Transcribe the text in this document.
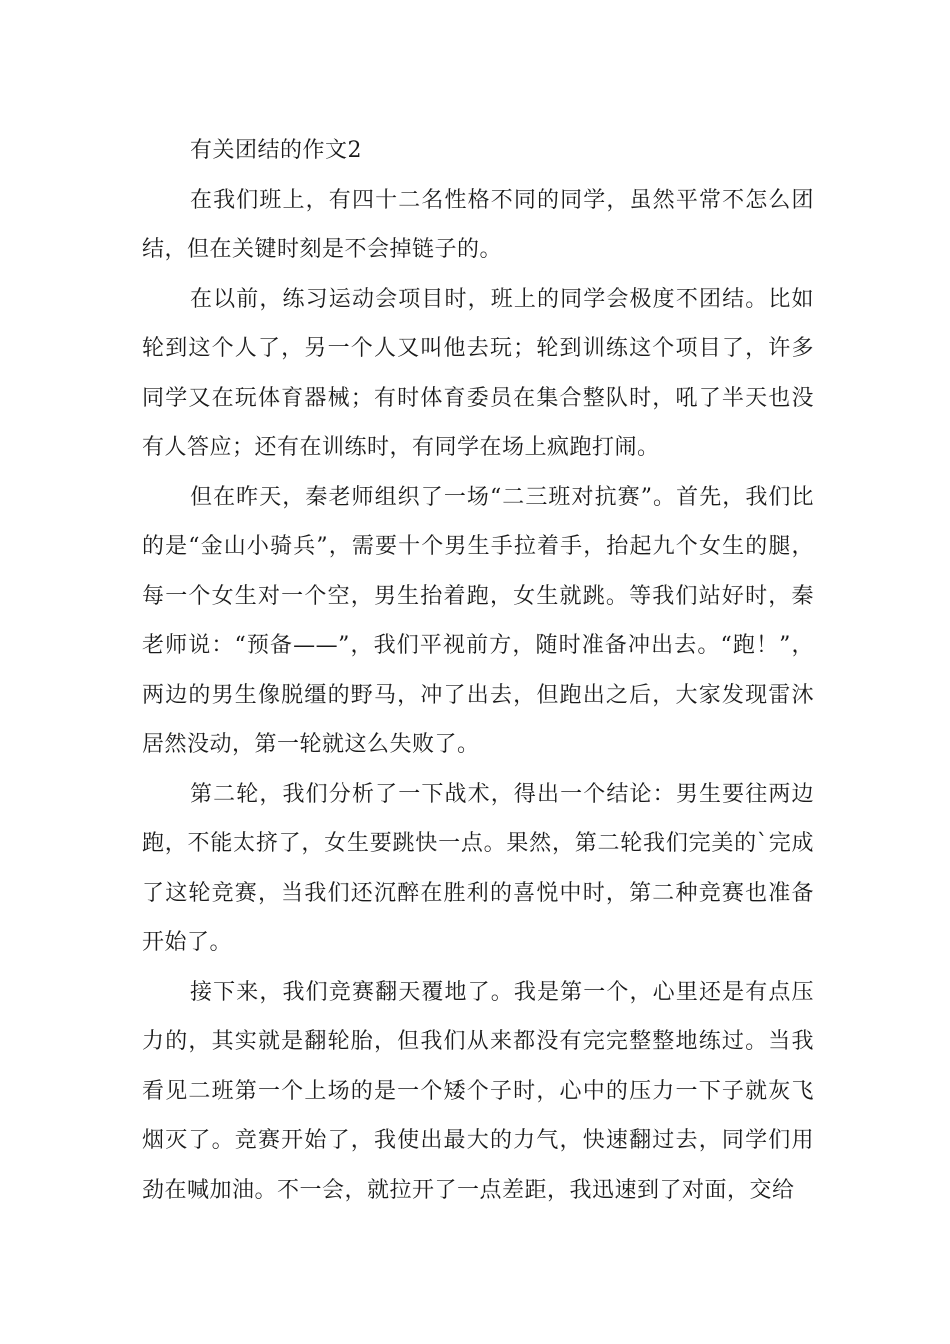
有关团结的作文2

在我们班上，有四十二名性格不同的同学，虽然平常不怎么团结，但在关键时刻是不会掉链子的。

在以前，练习运动会项目时，班上的同学会极度不团结。比如轮到这个人了，另一个人又叫他去玩；轮到训练这个项目了，许多同学又在玩体育器械；有时体育委员在集合整队时，吼了半天也没有人答应；还有在训练时，有同学在场上疯跑打闹。

但在昨天，秦老师组织了一场“二三班对抗赛”。首先，我们比的是“金山小骑兵”，需要十个男生手拉着手，抬起九个女生的腿，每一个女生对一个空，男生抬着跑，女生就跳。等我们站好时，秦老师说：“预备——”，我们平视前方，随时准备冲出去。“跑！”，两边的男生像脱缰的野马，冲了出去，但跑出之后，大家发现雷沐居然没动，第一轮就这么失败了。

第二轮，我们分析了一下战术，得出一个结论：男生要往两边跑，不能太挤了，女生要跳快一点。果然，第二轮我们完美的`完成了这轮竞赛，当我们还沉醉在胜利的喜悦中时，第二种竞赛也准备开始了。

接下来，我们竞赛翻天覆地了。我是第一个，心里还是有点压力的，其实就是翻轮胎，但我们从来都没有完完整整地练过。当我看见二班第一个上场的是一个矮个子时，心中的压力一下子就灰飞烟灭了。竞赛开始了，我使出最大的力气，快速翻过去，同学们用劲在喊加油。不一会，就拉开了一点差距，我迅速到了对面，交给
